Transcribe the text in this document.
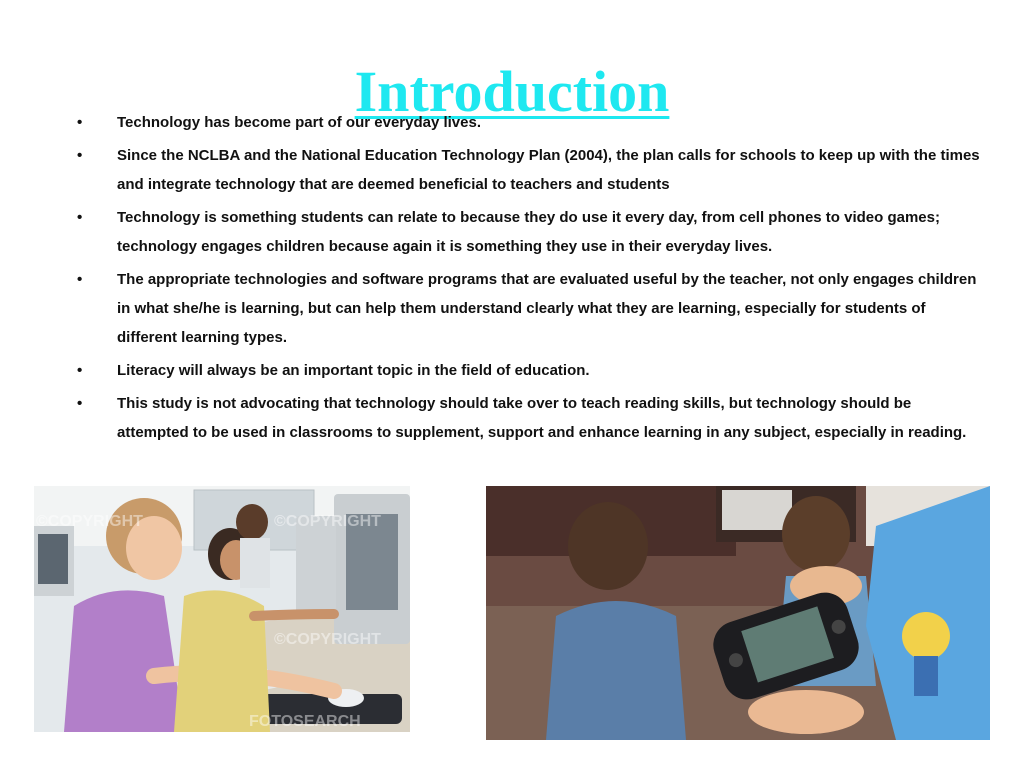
Introduction
• Technology has become part of our everyday lives.
• Since the NCLBA and the National Education Technology Plan (2004), the plan calls for schools to keep up with the times and integrate technology that are deemed beneficial to teachers and students
• Technology is something students can relate to because they do use it every day, from cell phones to video games; technology engages children because again it is something they use in their everyday lives.
• The appropriate technologies and software programs that are evaluated useful by the teacher, not only engages children in what she/he is learning, but can help them understand clearly what they are learning, especially for students of different learning types.
• Literacy will always be an important topic in the field of education.
• This study is not advocating that technology should take over to teach reading skills, but technology should be attempted to be used in classrooms to supplement, support and enhance learning in any subject, especially in reading.
©COPYRIGHT	©COPYRIGHT
©COPYRIGHT
FOTOSEARCH
